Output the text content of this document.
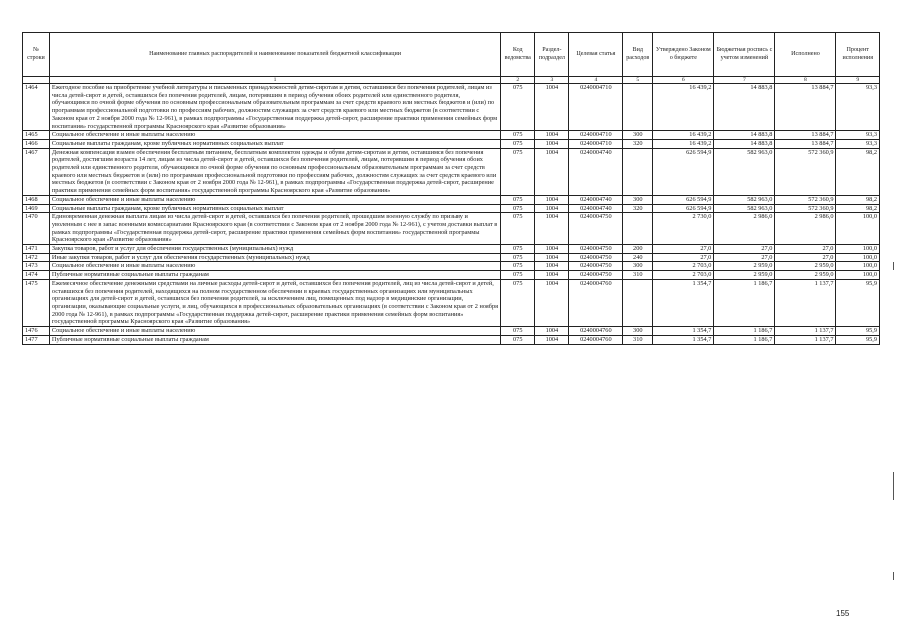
№ строки	Наименование главных распорядителей и наименование показателей бюджетной классификации	Код ведомства	Раздел-подраздел	Целевая статья	Вид расходов	Утверждено Законом о бюджете	Бюджетная роспись с учетом изменений	Исполнено	Процент исполнения
	1	2	3	4	5	6	7	8	9
1464	Ежегодное пособие на приобретение учебной литературы и письменных принадлежностей детям-сиротам и детям, оставшимся без попечения родителей, лицам из числа детей-сирот и детей, оставшихся без попечения родителей, лицам, потерявшим в период обучения обоих родителей или единственного родителя, обучающимся по очной форме обучения по основным профессиональным образовательным программам за счет средств краевого или местных бюджетов и (или) по программам профессиональной подготовки по профессиям рабочих, должностям служащих за счет средств краевого или местных бюджетов (в соответствии с Законом края от 2 ноября 2000 года № 12-961), в рамках подпрограммы «Государственная поддержка детей-сирот, расширение практики применения семейных форм воспитания» государственной программы Красноярского края «Развитие образования»	075	1004	0240004710		16 439,2	14 883,8	13 884,7	93,3
1465	Социальное обеспечение и иные выплаты населению	075	1004	0240004710	300	16 439,2	14 883,8	13 884,7	93,3
1466	Социальные выплаты гражданам, кроме публичных нормативных социальных выплат	075	1004	0240004710	320	16 439,2	14 883,8	13 884,7	93,3
1467	Денежная компенсация взамен обеспечения бесплатным питанием, бесплатным комплектом одежды и обуви детям-сиротам и детям, оставшимся без попечения родителей, достигшим возраста 14 лет, лицам из числа детей-сирот и детей, оставшихся без попечения родителей, лицам, потерявшим в период обучения обоих родителей или единственного родителя, обучающимся по очной форме обучения по основным профессиональным образовательным программам за счет средств краевого или местных бюджетов и (или) по программам профессиональной подготовки по профессиям рабочих, должностям служащих за счет средств краевого или местных бюджетов (в соответствии с Законом края от 2 ноября 2000 года № 12-961), в рамках подпрограммы «Государственная поддержка детей-сирот, расширение практики применения семейных форм воспитания» государственной программы Красноярского края «Развитие образования»	075	1004	0240004740		626 594,9	582 963,0	572 360,9	98,2
1468	Социальное обеспечение и иные выплаты населению	075	1004	0240004740	300	626 594,9	582 963,0	572 360,9	98,2
1469	Социальные выплаты гражданам, кроме публичных нормативных социальных выплат	075	1004	0240004740	320	626 594,9	582 963,0	572 360,9	98,2
1470	Единовременная денежная выплата лицам из числа детей-сирот и детей, оставшихся без попечения родителей, прошедшим военную службу по призыву и уволенным с нее в запас военными комиссариатами Красноярского края (в соответствии с Законом края от 2 ноября 2000 года № 12-961), с учетом доставки выплат в рамках подпрограммы «Государственная поддержка детей-сирот, расширение практики применения семейных форм воспитания» государственной программы Красноярского края «Развитие образования»	075	1004	0240004750		2 730,0	2 986,0	2 986,0	100,0
1471	Закупка товаров, работ и услуг для обеспечения государственных (муниципальных) нужд	075	1004	0240004750	200	27,0	27,0	27,0	100,0
1472	Иные закупки товаров, работ и услуг для обеспечения государственных (муниципальных) нужд	075	1004	0240004750	240	27,0	27,0	27,0	100,0
1473	Социальное обеспечение и иные выплаты населению	075	1004	0240004750	300	2 703,0	2 959,0	2 959,0	100,0
1474	Публичные нормативные социальные выплаты гражданам	075	1004	0240004750	310	2 703,0	2 959,0	2 959,0	100,0
1475	Ежемесячное обеспечение денежными средствами на личные расходы детей-сирот и детей, оставшихся без попечения родителей, лиц из числа детей-сирот и детей, оставшихся без попечения родителей, находящихся на полном государственном обеспечении в краевых государственных организациях или муниципальных организациях для детей-сирот и детей, оставшихся без попечения родителей, за исключением лиц, помещенных под надзор в медицинские организации, организации, оказывающие социальные услуги, и лиц, обучающихся в профессиональных образовательных организациях (в соответствии с Законом края от 2 ноября 2000 года № 12-961), в рамках подпрограммы «Государственная поддержка детей-сирот, расширение практики применения семейных форм воспитания» государственной программы Красноярского края «Развитие образования»	075	1004	0240004760		1 354,7	1 186,7	1 137,7	95,9
1476	Социальное обеспечение и иные выплаты населению	075	1004	0240004760	300	1 354,7	1 186,7	1 137,7	95,9
1477	Публичные нормативные социальные выплаты гражданам	075	1004	0240004760	310	1 354,7	1 186,7	1 137,7	95,9
155
